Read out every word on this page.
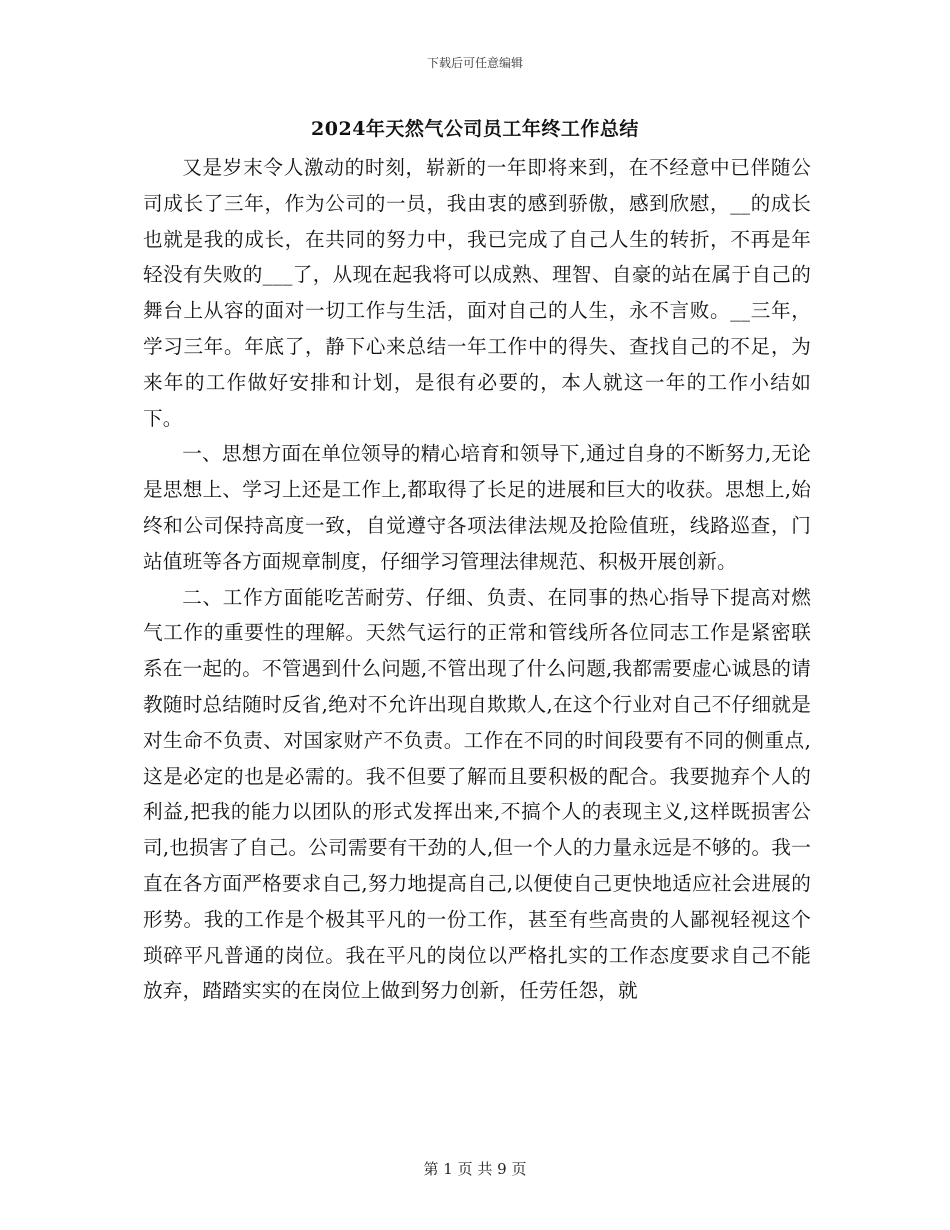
下载后可任意编辑
2024年天然气公司员工年终工作总结

又是岁末令人激动的时刻，崭新的一年即将来到，在不经意中已伴随公司成长了三年，作为公司的一员，我由衷的感到骄傲，感到欣慰，__的成长也就是我的成长，在共同的努力中，我已完成了自己人生的转折，不再是年轻没有失败的___了，从现在起我将可以成熟、理智、自豪的站在属于自己的舞台上从容的面对一切工作与生活，面对自己的人生，永不言败。__三年，学习三年。年底了，静下心来总结一年工作中的得失、查找自己的不足，为来年的工作做好安排和计划，是很有必要的，本人就这一年的工作小结如下。

一、思想方面在单位领导的精心培育和领导下,通过自身的不断努力,无论是思想上、学习上还是工作上,都取得了长足的进展和巨大的收获。思想上,始终和公司保持高度一致，自觉遵守各项法律法规及抢险值班，线路巡查，门站值班等各方面规章制度，仔细学习管理法律规范、积极开展创新。

二、工作方面能吃苦耐劳、仔细、负责、在同事的热心指导下提高对燃气工作的重要性的理解。天然气运行的正常和管线所各位同志工作是紧密联系在一起的。不管遇到什么问题,不管出现了什么问题,我都需要虚心诚恳的请教随时总结随时反省,绝对不允许出现自欺欺人,在这个行业对自己不仔细就是对生命不负责、对国家财产不负责。工作在不同的时间段要有不同的侧重点,这是必定的也是必需的。我不但要了解而且要积极的配合。我要抛弃个人的利益,把我的能力以团队的形式发挥出来,不搞个人的表现主义,这样既损害公司,也损害了自己。公司需要有干劲的人,但一个人的力量永远是不够的。我一直在各方面严格要求自己,努力地提高自己,以便使自己更快地适应社会进展的形势。我的工作是个极其平凡的一份工作，甚至有些高贵的人鄙视轻视这个琐碎平凡普通的岗位。我在平凡的岗位以严格扎实的工作态度要求自己不能放弃，踏踏实实的在岗位上做到努力创新，任劳任怨，就

第 1 页 共 9 页
